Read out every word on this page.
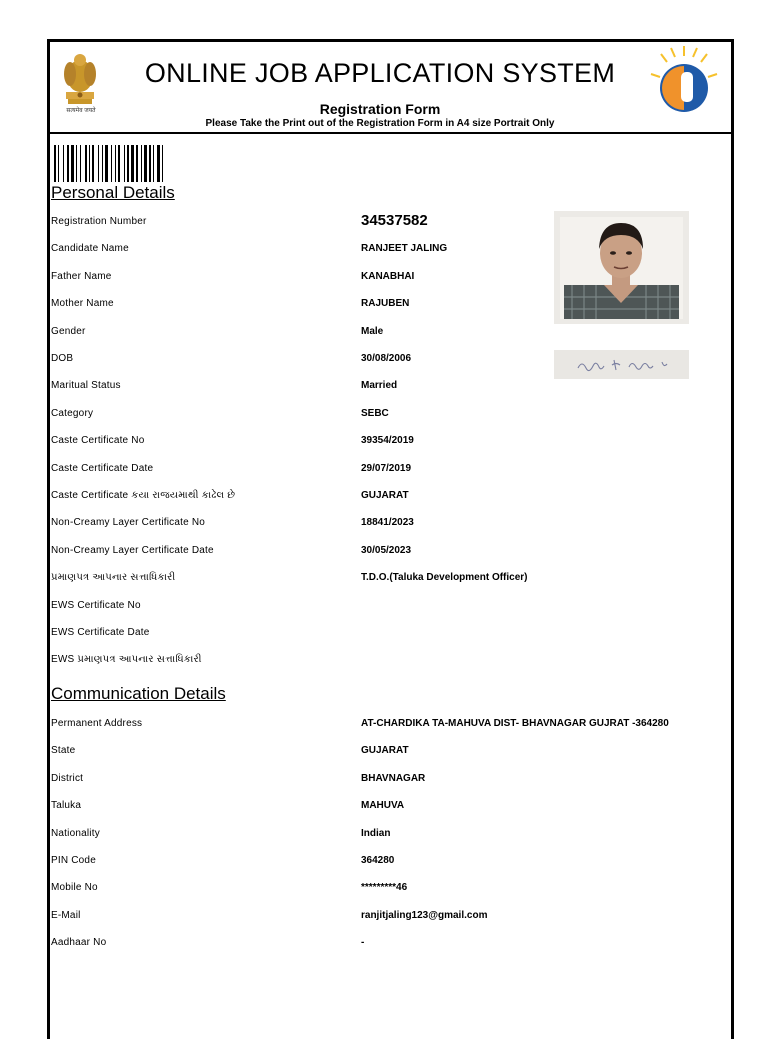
सत्यमेव जयते
ONLINE JOB APPLICATION SYSTEM
Registration Form
Please Take the Print out of the Registration Form in A4 size Portrait Only
Personal Details
Registration Number	34537582
Candidate Name	RANJEET JALING
Father Name	KANABHAI
Mother Name	RAJUBEN
Gender	Male
DOB	30/08/2006
Maritual Status	Married
Category	SEBC
Caste Certificate No	39354/2019
Caste Certificate Date	29/07/2019
Caste Certificate કયા રાજયમાથી કાઢેલ છે	GUJARAT
Non-Creamy Layer Certificate No	18841/2023
Non-Creamy Layer Certificate Date	30/05/2023
પ્રમાણપત્ર આપનાર સત્તાધિકારી	T.D.O.(Taluka Development Officer)
EWS Certificate No
EWS Certificate Date
EWS પ્રમાણપત્ર આપનાર સત્તાધિકારી
Communication Details
Permanent Address	AT-CHARDIKA TA-MAHUVA DIST- BHAVNAGAR GUJRAT -364280
State	GUJARAT
District	BHAVNAGAR
Taluka	MAHUVA
Nationality	Indian
PIN Code	364280
Mobile No	*********46
E-Mail	ranjitjaling123@gmail.com
Aadhaar No	-
